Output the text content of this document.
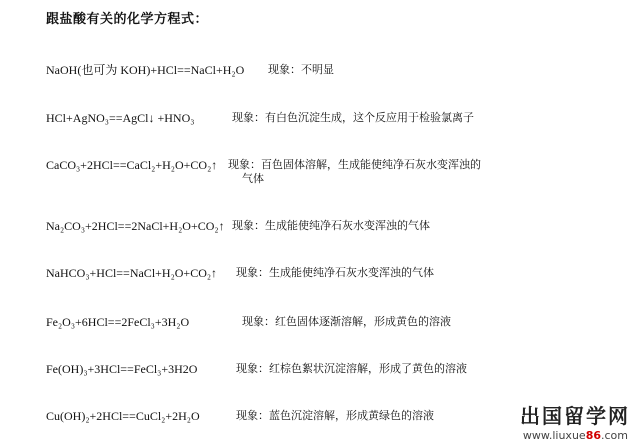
跟盐酸有关的化学方程式：
NaOH(也可为 KOH)+HCl==NaCl+H₂O 现象：不明显
HCl+AgNO₃==AgCl↓ +HNO₃	现象：有白色沉淀生成，这个反应用于检验氯离子
CaCO₃+2HCl==CaCl₂+H₂O+CO₂↑ 现象：百色固体溶解，生成能使纯净石灰水变浑浊的
气体
Na₂CO₃+2HCl==2NaCl+H₂O+CO₂↑ 现象：生成能使纯净石灰水变浑浊的气体
NaHCO₃+HCl==NaCl+H₂O+CO₂↑ 现象：生成能使纯净石灰水变浑浊的气体
Fe₂O₃+6HCl==2FeCl₃+3H₂O	现象：红色固体逐渐溶解，形成黄色的溶液
Fe(OH)₃+3HCl==FeCl₃+3H2O	现象：红棕色絮状沉淀溶解，形成了黄色的溶液
Cu(OH)₂+2HCl==CuCl₂+2H₂O	现象：蓝色沉淀溶解，形成黄绿色的溶液	出国留学网
www.liuxue86.com
